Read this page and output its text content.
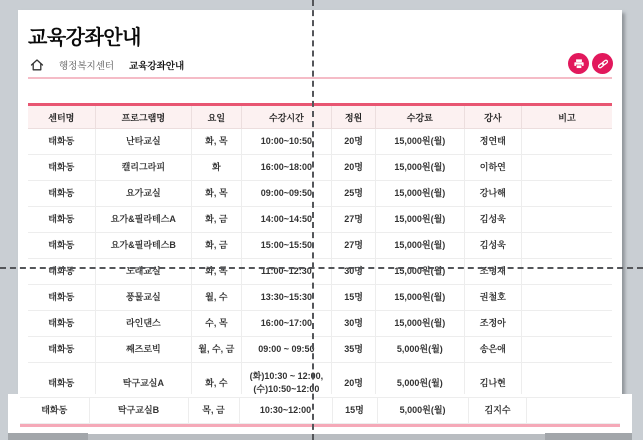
교육강좌안내
행정복지센터 교육강좌안내
센터명	프로그램명	요일	수강시간	정원	수강료	강사	비고
태화동	난타교실	화, 목	10:00~10:50	20명	15,000원(월)	정연태	
태화동	캘리그라피	화	16:00~18:00	20명	15,000원(월)	이하연	
태화동	요가교실	화, 목	09:00~09:50	25명	15,000원(월)	강나해	
태화동	요가&필라테스A	화, 금	14:00~14:50	27명	15,000원(월)	김성욱	
태화동	요가&필라테스B	화, 금	15:00~15:50	27명	15,000원(월)	김성욱	
태화동	노래교실	화, 목	11:00~12:30	30명	15,000원(월)	조명재	
태화동	풍물교실	월, 수	13:30~15:30	15명	15,000원(월)	권철호	
태화동	라인댄스	수, 목	16:00~17:00	30명	15,000원(월)	조정아	
태화동	째즈로빅	월, 수, 금	09:00 ~ 09:50	35명	5,000원(월)	송은애	
태화동	탁구교실A	화, 수	(화)10:30 ~ 12:00,
(수)10:50~12:00	20명	5,000원(월)	김나현	
태화동	탁구교실B	목, 금	10:30~12:00	15명	5,000원(월)	김지수	
